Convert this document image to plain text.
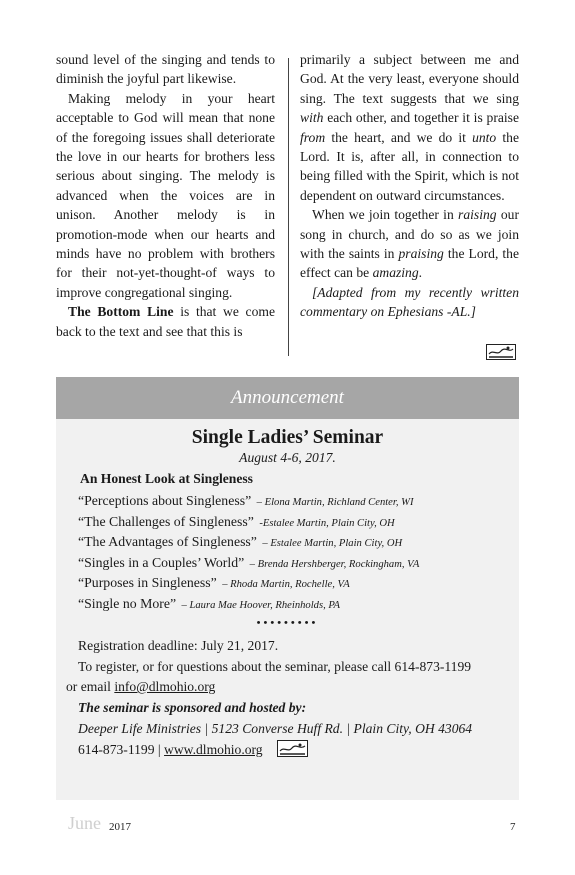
sound level of the singing and tends to diminish the joyful part likewise.

Making melody in your heart acceptable to God will mean that none of the foregoing issues shall deteriorate the love in our hearts for brothers less serious about singing. The melody is advanced when the voices are in unison. Another melody is in promotion-mode when our hearts and minds have no problem with brothers for their not-yet-thought-of ways to improve congregational singing.

The Bottom Line is that we come back to the text and see that this is

primarily a subject between me and God. At the very least, everyone should sing. The text suggests that we sing with each other, and together it is praise from the heart, and we do it unto the Lord. It is, after all, in connection to being filled with the Spirit, which is not dependent on outward circumstances.

When we join together in raising our song in church, and do so as we join with the saints in praising the Lord, the effect can be amazing.

[Adapted from my recently written commentary on Ephesians -AL.]

Announcement
Single Ladies’ Seminar
August 4-6, 2017.
An Honest Look at Singleness
“Perceptions about Singleness” – Elona Martin, Richland Center, WI
“The Challenges of Singleness” -Estalee Martin, Plain City, OH
“The Advantages of Singleness” – Estalee Martin, Plain City, OH
“Singles in a Couples’ World” – Brenda Hershberger, Rockingham, VA
“Purposes in Singleness” – Rhoda Martin, Rochelle, VA
“Single no More” – Laura Mae Hoover, Rheinholds, PA
•••••••••
Registration deadline: July 21, 2017.
To register, or for questions about the seminar, please call 614-873-1199
or email info@dlmohio.org
The seminar is sponsored and hosted by:
Deeper Life Ministries | 5123 Converse Huff Rd. | Plain City, OH 43064
614-873-1199 | www.dlmohio.org
June 2017	7
